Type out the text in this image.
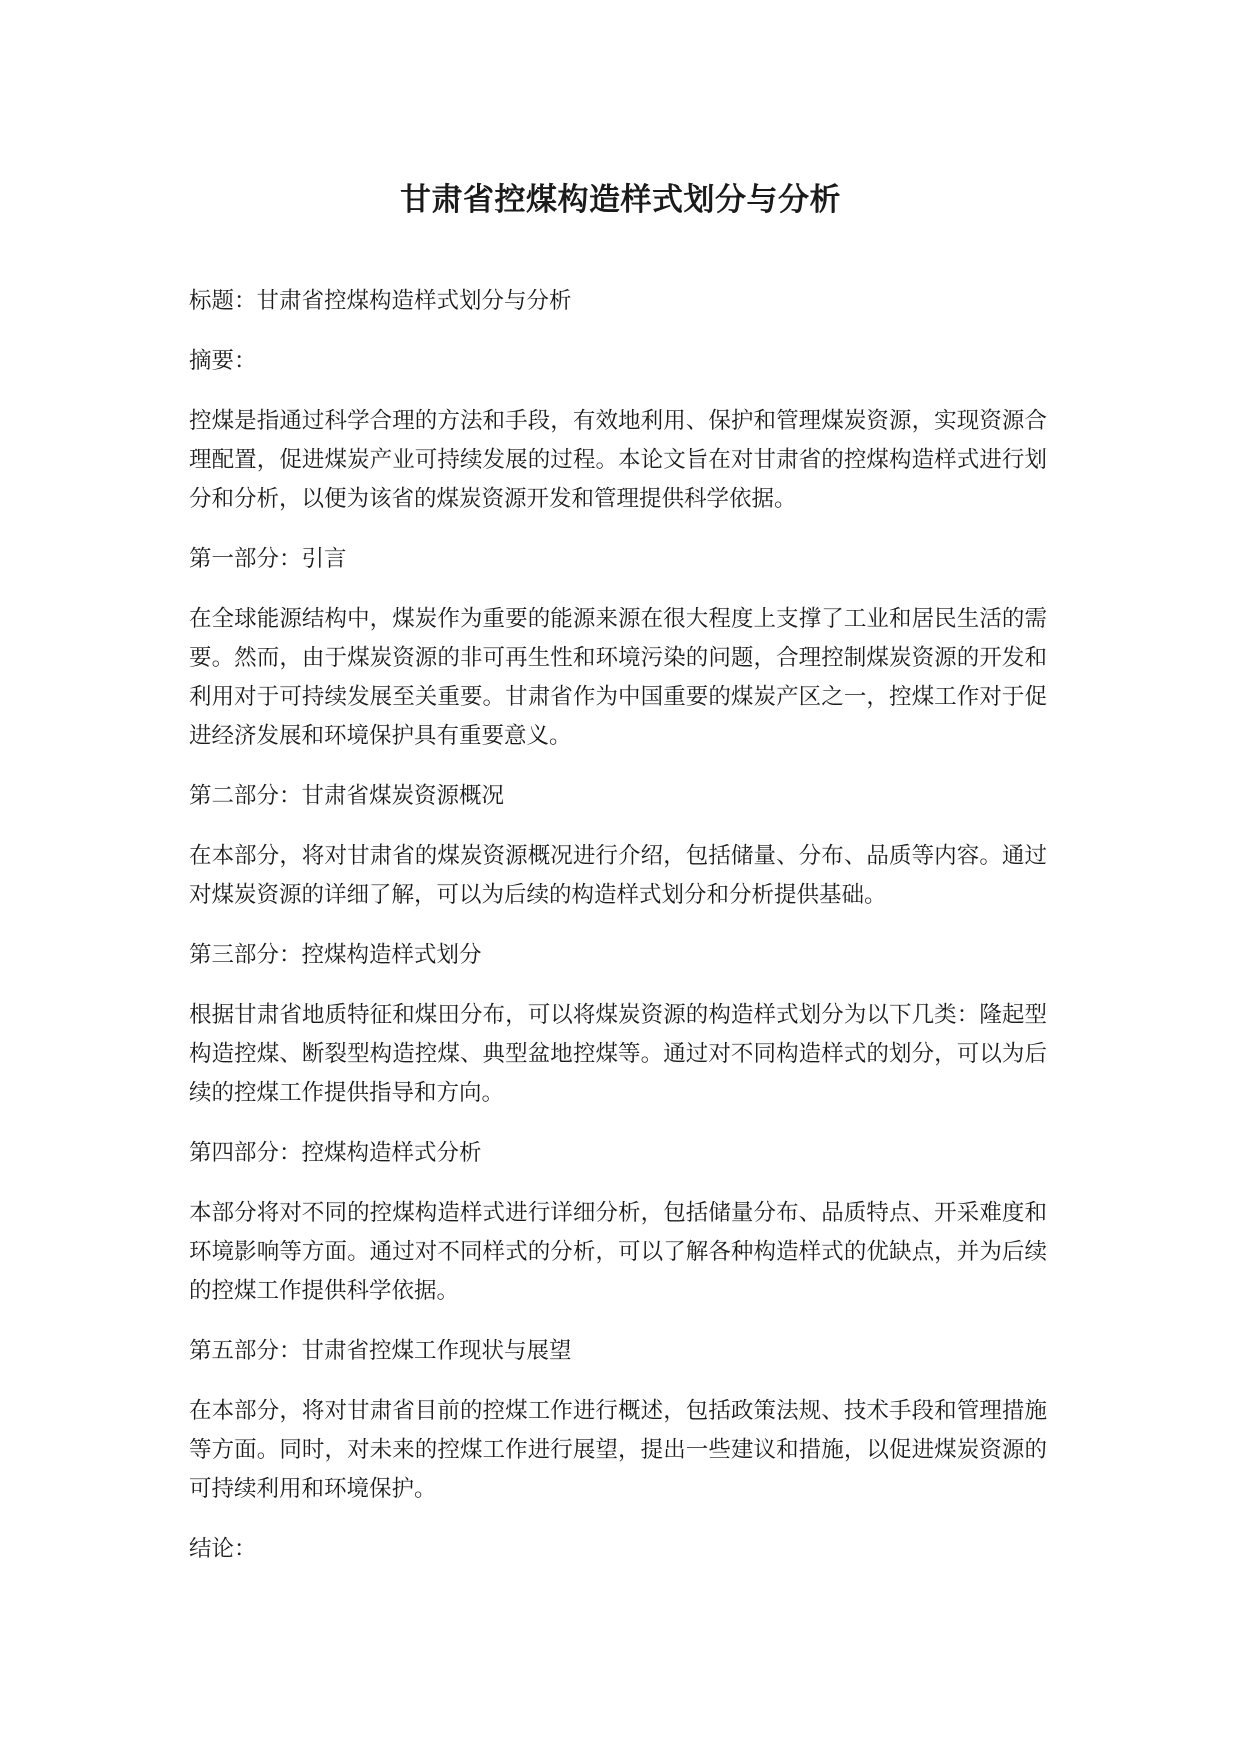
甘肃省控煤构造样式划分与分析

标题：甘肃省控煤构造样式划分与分析

摘要：

控煤是指通过科学合理的方法和手段，有效地利用、保护和管理煤炭资源，实现资源合理配置，促进煤炭产业可持续发展的过程。本论文旨在对甘肃省的控煤构造样式进行划分和分析，以便为该省的煤炭资源开发和管理提供科学依据。

第一部分：引言

在全球能源结构中，煤炭作为重要的能源来源在很大程度上支撑了工业和居民生活的需要。然而，由于煤炭资源的非可再生性和环境污染的问题，合理控制煤炭资源的开发和利用对于可持续发展至关重要。甘肃省作为中国重要的煤炭产区之一，控煤工作对于促进经济发展和环境保护具有重要意义。

第二部分：甘肃省煤炭资源概况

在本部分，将对甘肃省的煤炭资源概况进行介绍，包括储量、分布、品质等内容。通过对煤炭资源的详细了解，可以为后续的构造样式划分和分析提供基础。

第三部分：控煤构造样式划分

根据甘肃省地质特征和煤田分布，可以将煤炭资源的构造样式划分为以下几类：隆起型构造控煤、断裂型构造控煤、典型盆地控煤等。通过对不同构造样式的划分，可以为后续的控煤工作提供指导和方向。

第四部分：控煤构造样式分析

本部分将对不同的控煤构造样式进行详细分析，包括储量分布、品质特点、开采难度和环境影响等方面。通过对不同样式的分析，可以了解各种构造样式的优缺点，并为后续的控煤工作提供科学依据。

第五部分：甘肃省控煤工作现状与展望

在本部分，将对甘肃省目前的控煤工作进行概述，包括政策法规、技术手段和管理措施等方面。同时，对未来的控煤工作进行展望，提出一些建议和措施，以促进煤炭资源的可持续利用和环境保护。

结论：
